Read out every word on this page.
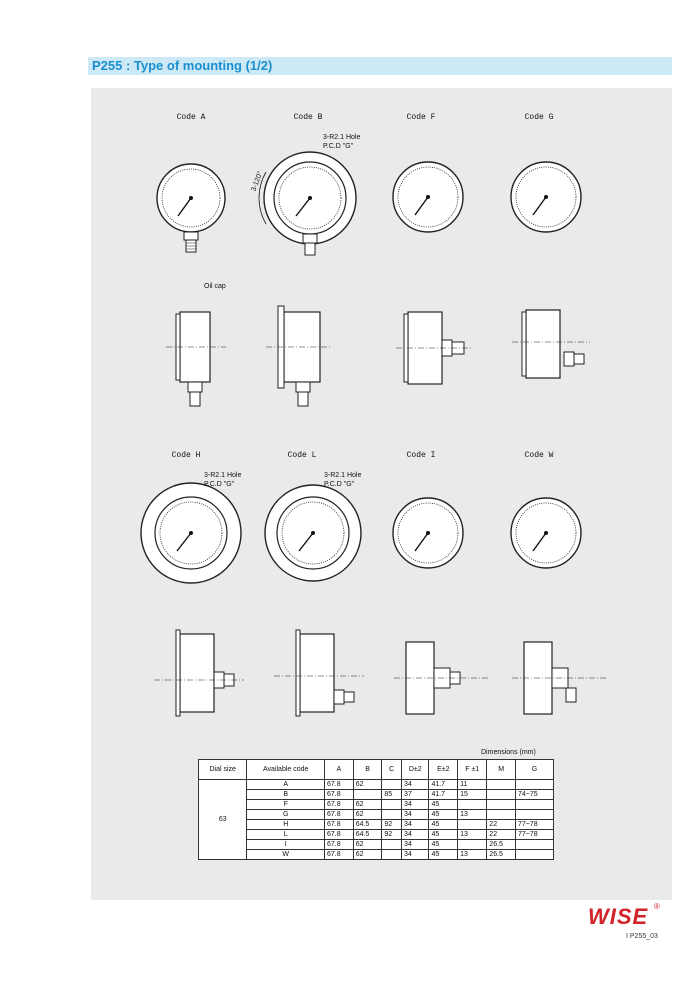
P255 : Type of mounting (1/2)
Code A	Code B	Code F	Code G
Code H	Code L	Code I	Code W
3-R2.1 Hole
P.C.D "G"
3-120°
Oil cap
3-R2.1 Hole
P.C.D "G"
3-R2.1 Hole
P.C.D "G"
Dimensions (mm)
Dial size	Available code	A	B	C	D±2	E±2	F ±1	M	G
63	A	67.8	62		34	41.7	11		
	B	67.8		85	37	41.7	15		74~75
	F	67.8	62		34	45			
	G	67.8	62		34	45	13		
	H	67.8	64.5	92	34	45		22	77~78
	L	67.8	64.5	92	34	45	13	22	77~78
	I	67.8	62		34	45		26.5	
	W	67.8	62		34	45	13	26.5	
WISE ®
I P255_03
